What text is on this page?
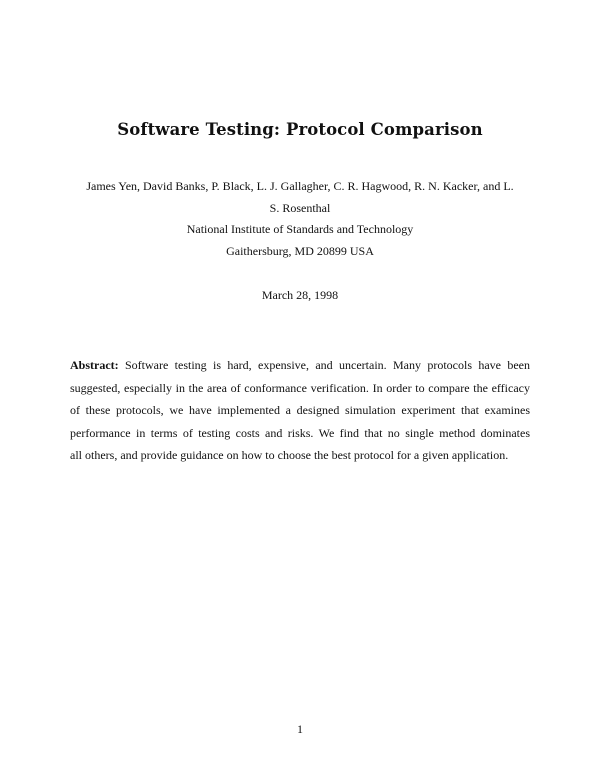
Software Testing: Protocol Comparison
James Yen, David Banks, P. Black, L. J. Gallagher, C. R. Hagwood, R. N. Kacker, and L.
S. Rosenthal
National Institute of Standards and Technology
Gaithersburg, MD 20899 USA
March 28, 1998
Abstract: Software testing is hard, expensive, and uncertain. Many protocols have been
suggested, especially in the area of conformance verification. In order to compare the efficacy
of these protocols, we have implemented a designed simulation experiment that examines
performance in terms of testing costs and risks. We find that no single method dominates
all others, and provide guidance on how to choose the best protocol for a given application.
1
